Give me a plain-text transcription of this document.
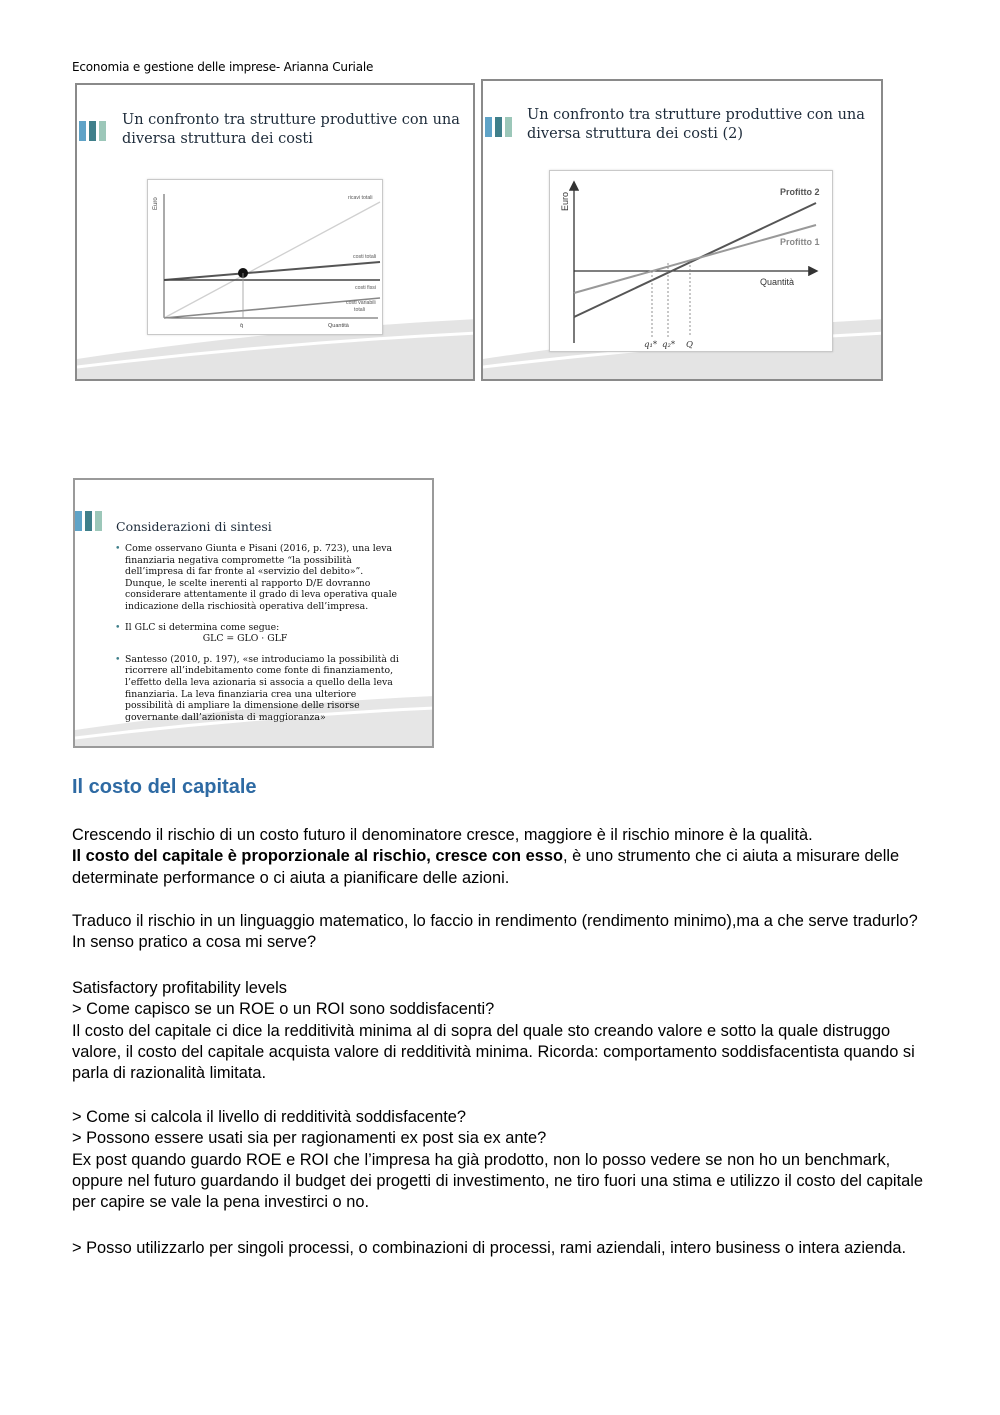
Economia e gestione delle imprese- Arianna Curiale
Un confronto tra strutture produttive con una
diversa struttura dei costi
Euro	ricavi totali
costi totali
costi fissi
costi variabili
totali
q̄	Quantità
Un confronto tra strutture produttive con una
diversa struttura dei costi (2)
Euro
Quantità
Profitto 2
Profitto 1
q₁* q₂* Q
Considerazioni di sintesi
• Come osservano Giunta e Pisani (2016, p. 723), una leva finanziaria negativa compromette “la possibilità dell’impresa di far fronte al «servizio del debito»”. Dunque, le scelte inerenti al rapporto D/E dovranno considerare attentamente il grado di leva operativa quale indicazione della rischiosità operativa dell’impresa.
• Il GLC si determina come segue:
GLC = GLO · GLF
• Santesso (2010, p. 197), «se introduciamo la possibilità di ricorrere all’indebitamento come fonte di finanziamento, l’effetto della leva azionaria si associa a quello della leva finanziaria. La leva finanziaria crea una ulteriore possibilità di ampliare la dimensione delle risorse governante dall’azionista di maggioranza»
Il costo del capitale
Crescendo il rischio di un costo futuro il denominatore cresce, maggiore è il rischio minore è la qualità.
Il costo del capitale è proporzionale al rischio, cresce con esso, è uno strumento che ci aiuta a misurare delle determinate performance o ci aiuta a pianificare delle azioni.
Traduco il rischio in un linguaggio matematico, lo faccio in rendimento (rendimento minimo),ma a che serve tradurlo? In senso pratico a cosa mi serve?
Satisfactory profitability levels
> Come capisco se un ROE o un ROI sono soddisfacenti?
Il costo del capitale ci dice la redditività minima al di sopra del quale sto creando valore e sotto la quale distruggo valore, il costo del capitale acquista valore di redditività minima. Ricorda: comportamento soddisfacentista quando si parla di razionalità limitata.
> Come si calcola il livello di redditività soddisfacente?
> Possono essere usati sia per ragionamenti ex post sia ex ante?
Ex post quando guardo ROE e ROI che l’impresa ha già prodotto, non lo posso vedere se non ho un benchmark, oppure nel futuro guardando il budget dei progetti di investimento, ne tiro fuori una stima e utilizzo il costo del capitale per capire se vale la pena investirci o no.
> Posso utilizzarlo per singoli processi, o combinazioni di processi, rami aziendali, intero business o intera azienda.
